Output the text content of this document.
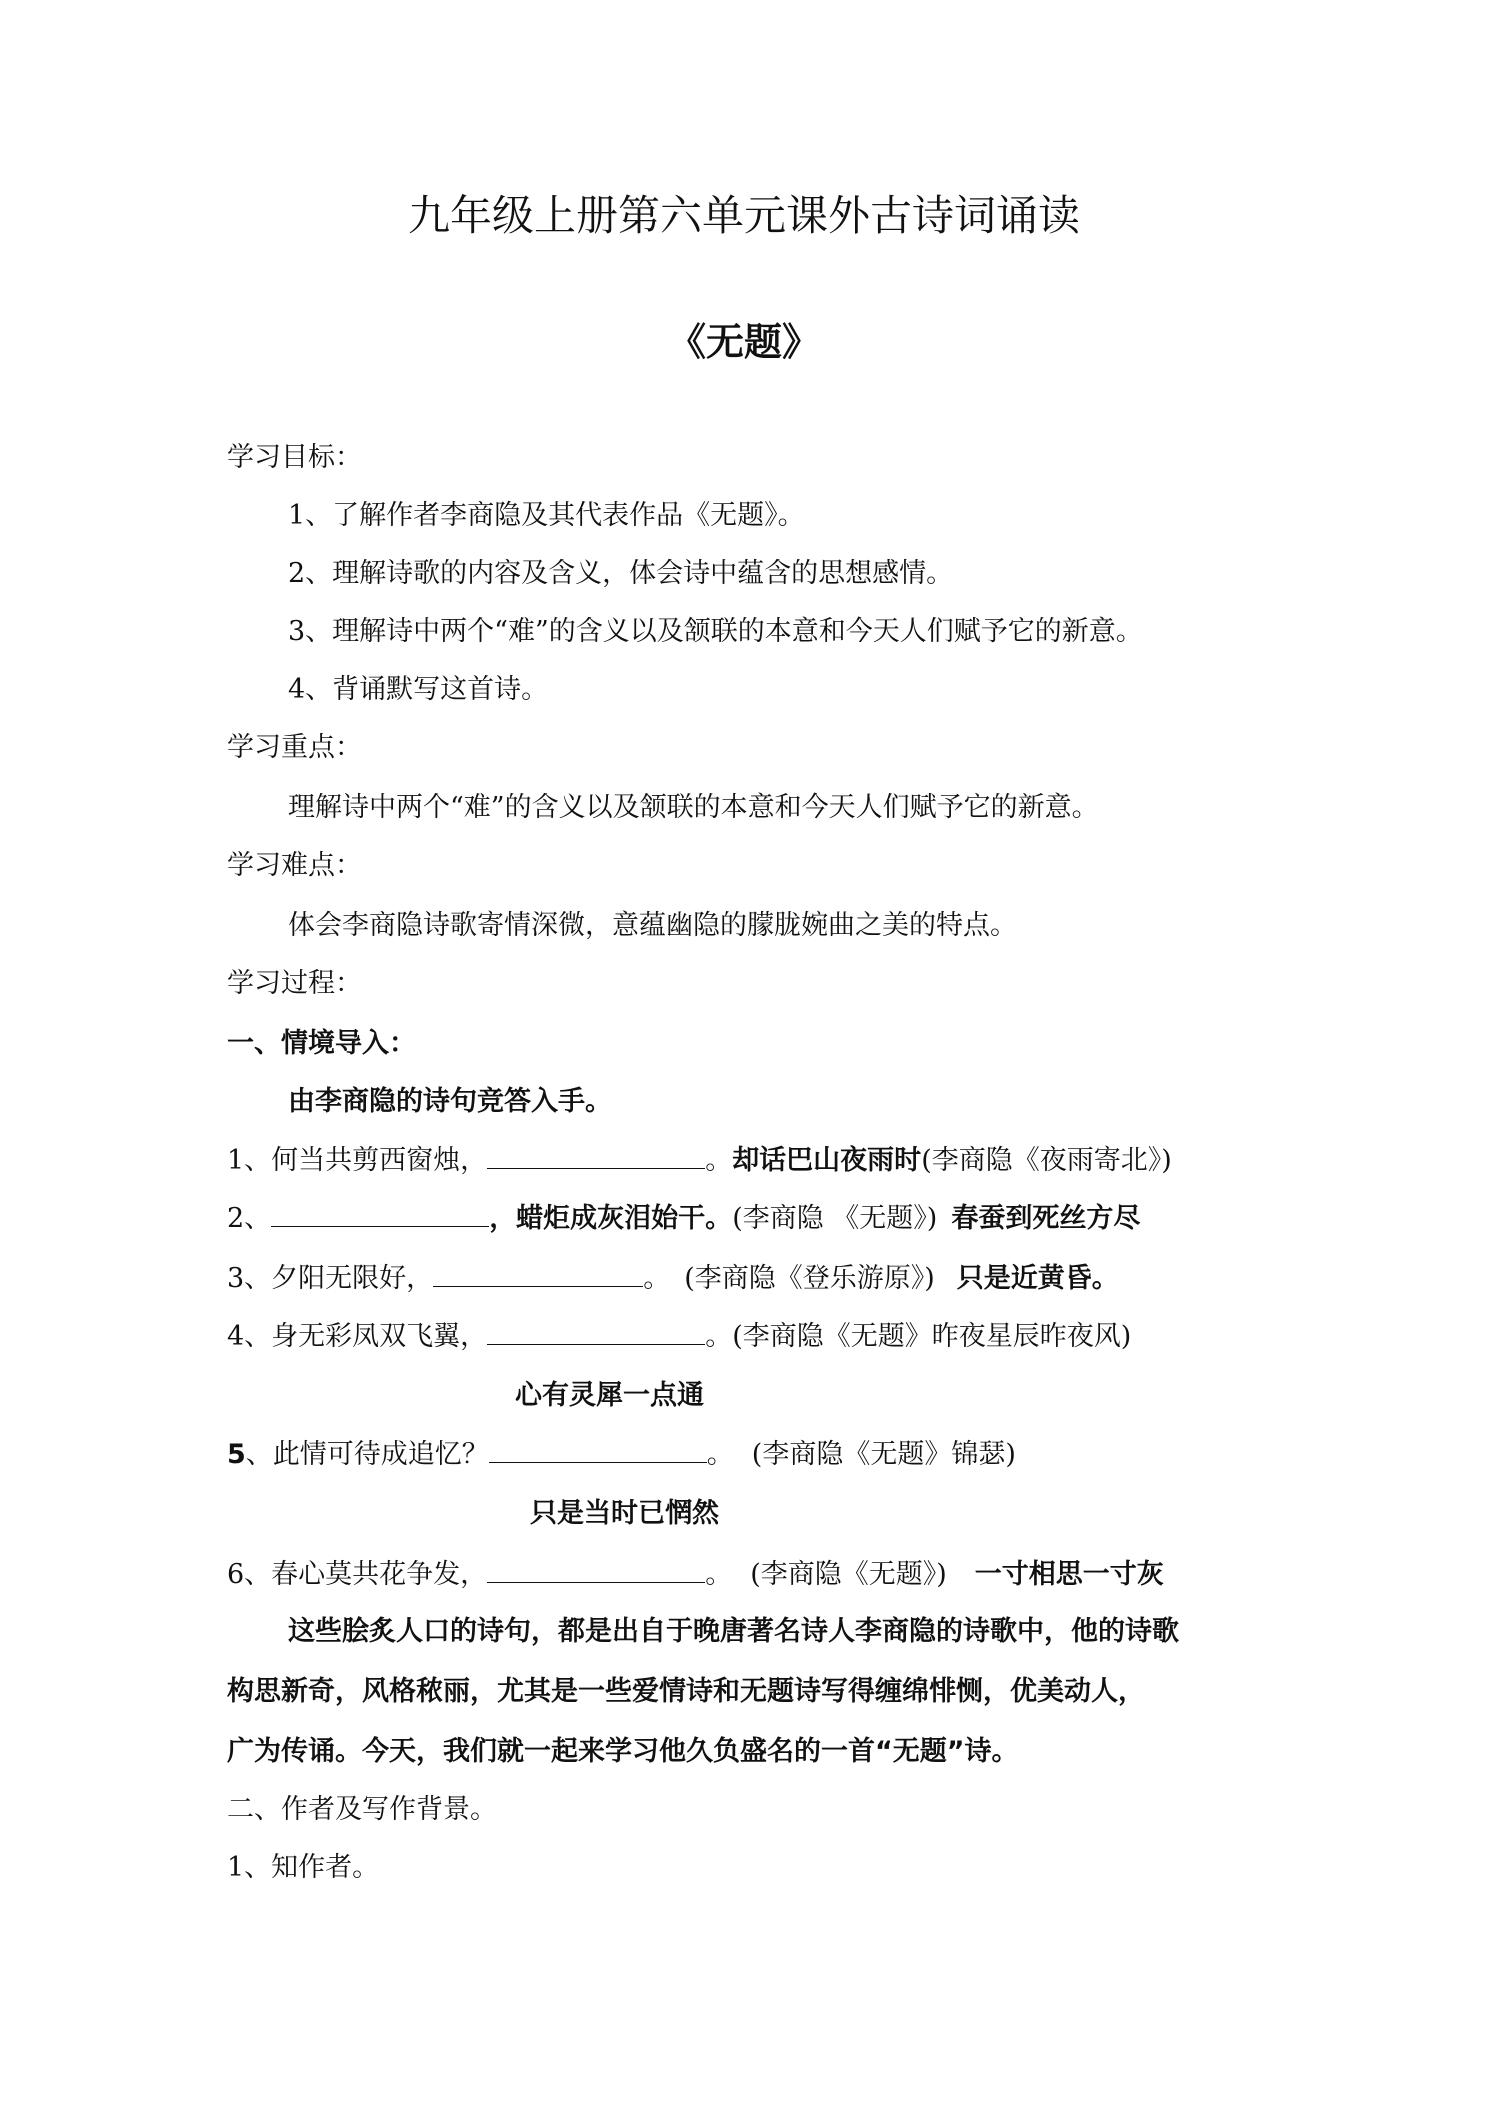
九年级上册第六单元课外古诗词诵读
《无题》
学习目标：
1、了解作者李商隐及其代表作品《无题》。
2、理解诗歌的内容及含义，体会诗中蕴含的思想感情。
3、理解诗中两个“难”的含义以及颔联的本意和今天人们赋予它的新意。
4、背诵默写这首诗。
学习重点：
理解诗中两个“难”的含义以及颔联的本意和今天人们赋予它的新意。
学习难点：
体会李商隐诗歌寄情深微，意蕴幽隐的朦胧婉曲之美的特点。
学习过程：
一、情境导入：
由李商隐的诗句竞答入手。
1、何当共剪西窗烛，	。却话巴山夜雨时(李商隐《夜雨寄北》)
2、	，蜡炬成灰泪始干。(李商隐 《无题》) 春蚕到死丝方尽
3、夕阳无限好，	。 (李商隐《登乐游原》) 只是近黄昏。
4、身无彩凤双飞翼，	。(李商隐《无题》昨夜星辰昨夜风)
心有灵犀一点通
5、此情可待成追忆？	。 (李商隐《无题》锦瑟)
只是当时已惘然
6、春心莫共花争发，	。 (李商隐《无题》) 一寸相思一寸灰
这些脍炙人口的诗句，都是出自于晚唐著名诗人李商隐的诗歌中，他的诗歌
构思新奇，风格秾丽，尤其是一些爱情诗和无题诗写得缠绵悱恻，优美动人，
广为传诵。今天，我们就一起来学习他久负盛名的一首“无题”诗。
二、作者及写作背景。
1、知作者。
